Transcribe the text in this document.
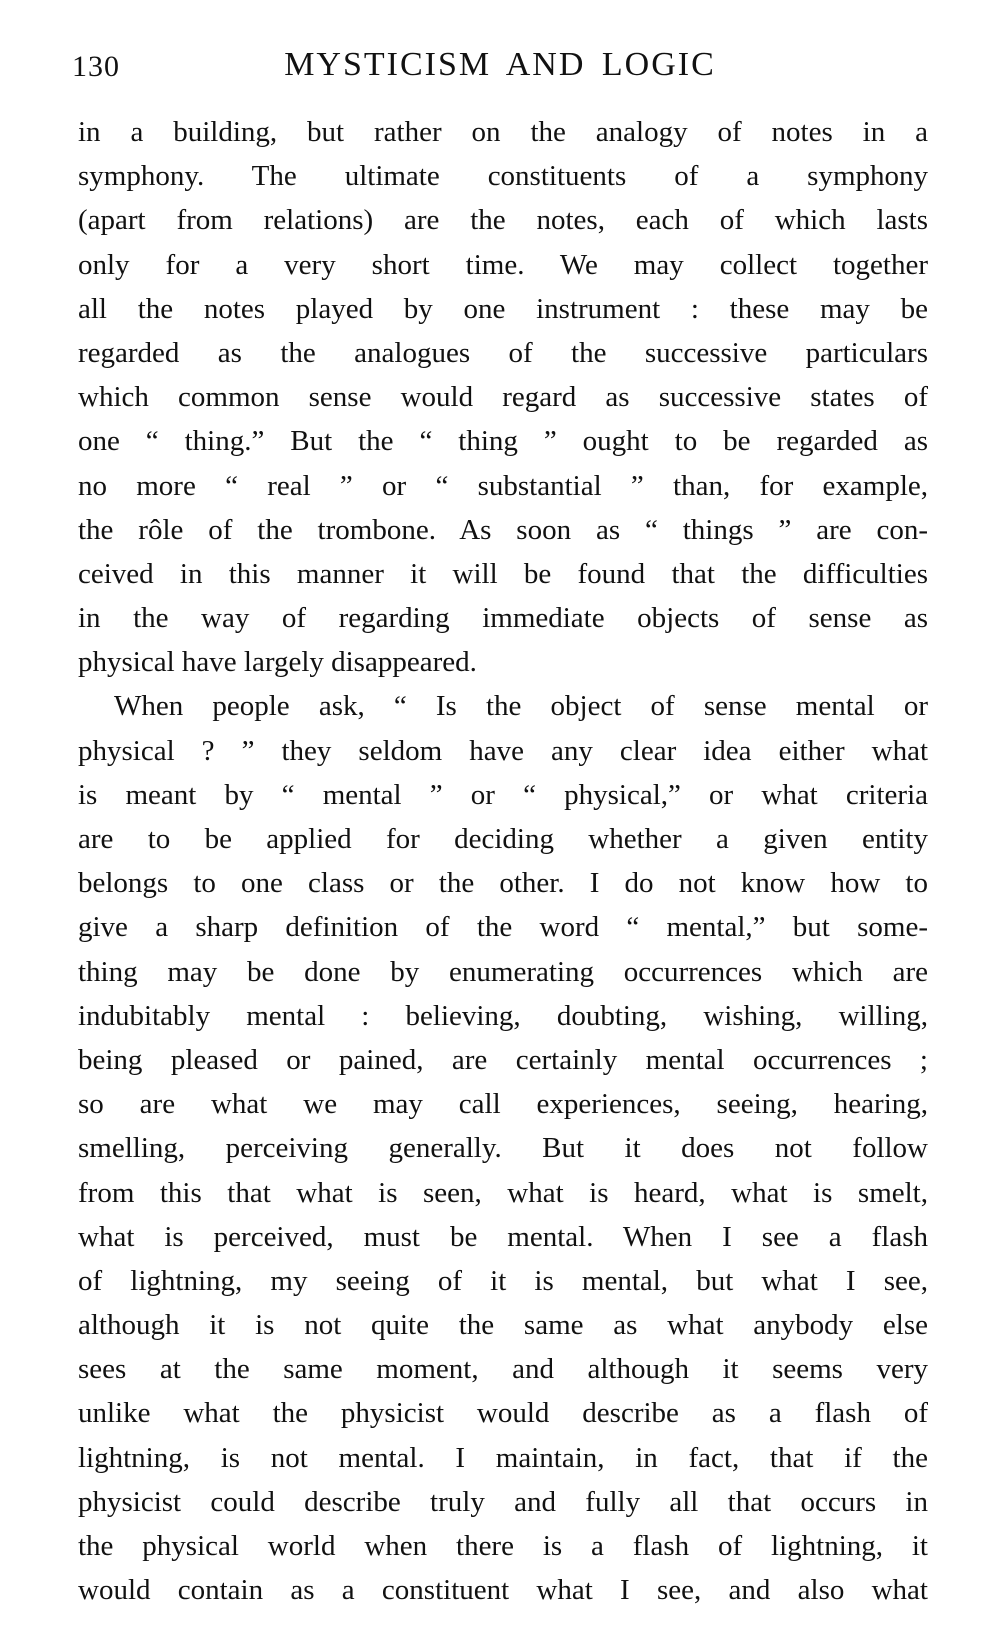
130	MYSTICISM AND LOGIC
in a building, but rather on the analogy of notes in a
symphony. The ultimate constituents of a symphony
(apart from relations) are the notes, each of which lasts
only for a very short time. We may collect together
all the notes played by one instrument : these may be
regarded as the analogues of the successive particulars
which common sense would regard as successive states of
one “ thing.” But the “ thing ” ought to be regarded as
no more “ real ” or “ substantial ” than, for example,
the rôle of the trombone. As soon as “ things ” are con-
ceived in this manner it will be found that the difficulties
in the way of regarding immediate objects of sense as
physical have largely disappeared.
When people ask, “ Is the object of sense mental or
physical ? ” they seldom have any clear idea either what
is meant by “ mental ” or “ physical,” or what criteria
are to be applied for deciding whether a given entity
belongs to one class or the other. I do not know how to
give a sharp definition of the word “ mental,” but some-
thing may be done by enumerating occurrences which are
indubitably mental : believing, doubting, wishing, willing,
being pleased or pained, are certainly mental occurrences ;
so are what we may call experiences, seeing, hearing,
smelling, perceiving generally. But it does not follow
from this that what is seen, what is heard, what is smelt,
what is perceived, must be mental. When I see a flash
of lightning, my seeing of it is mental, but what I see,
although it is not quite the same as what anybody else
sees at the same moment, and although it seems very
unlike what the physicist would describe as a flash of
lightning, is not mental. I maintain, in fact, that if the
physicist could describe truly and fully all that occurs in
the physical world when there is a flash of lightning, it
would contain as a constituent what I see, and also what
